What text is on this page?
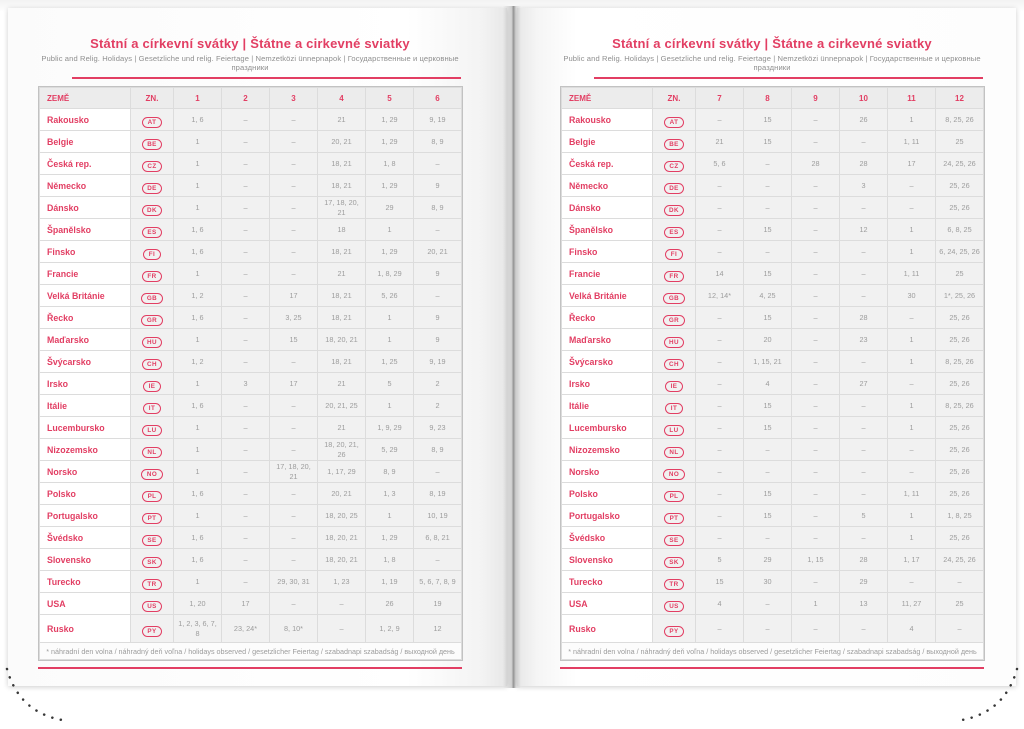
Státní a církevní svátky | Štátne a cirkevné sviatky

Public and Relig. Holidays | Gesetzliche und relig. Feiertage | Nemzetközi ünnepnapok | Государственные и церковные праздники

ZEMĚ	ZN.	1	2	3	4	5	6
Rakousko	AT	1, 6	–	–	21	1, 29	9, 19
Belgie	BE	1	–	–	20, 21	1, 29	8, 9
Česká rep.	CZ	1	–	–	18, 21	1, 8	–
Německo	DE	1	–	–	18, 21	1, 29	9
Dánsko	DK	1	–	–	17, 18, 20, 21	29	8, 9
Španělsko	ES	1, 6	–	–	18	1	–
Finsko	FI	1, 6	–	–	18, 21	1, 29	20, 21
Francie	FR	1	–	–	21	1, 8, 29	9
Velká Británie	GB	1, 2	–	17	18, 21	5, 26	–
Řecko	GR	1, 6	–	3, 25	18, 21	1	9
Maďarsko	HU	1	–	15	18, 20, 21	1	9
Švýcarsko	CH	1, 2	–	–	18, 21	1, 25	9, 19
Irsko	IE	1	3	17	21	5	2
Itálie	IT	1, 6	–	–	20, 21, 25	1	2
Lucembursko	LU	1	–	–	21	1, 9, 29	9, 23
Nizozemsko	NL	1	–	–	18, 20, 21, 26	5, 29	8, 9
Norsko	NO	1	–	17, 18, 20, 21	1, 17, 29	8, 9	–
Polsko	PL	1, 6	–	–	20, 21	1, 3	8, 19
Portugalsko	PT	1	–	–	18, 20, 25	1	10, 19
Švédsko	SE	1, 6	–	–	18, 20, 21	1, 29	6, 8, 21
Slovensko	SK	1, 6	–	–	18, 20, 21	1, 8	–
Turecko	TR	1	–	29, 30, 31	1, 23	1, 19	5, 6, 7, 8, 9
USA	US	1, 20	17	–	–	26	19
Rusko	PY	1, 2, 3, 6, 7, 8	23, 24*	8, 10*	–	1, 2, 9	12
* náhradní den volna / náhradný deň voľna / holidays observed / gesetzlicher Feiertag / szabadnapi szabadság / выходной день							
Státní a církevní svátky | Štátne a cirkevné sviatky

Public and Relig. Holidays | Gesetzliche und relig. Feiertage | Nemzetközi ünnepnapok | Государственные и церковные праздники

ZEMĚ	ZN.	7	8	9	10	11	12
Rakousko	AT	–	15	–	26	1	8, 25, 26
Belgie	BE	21	15	–	–	1, 11	25
Česká rep.	CZ	5, 6	–	28	28	17	24, 25, 26
Německo	DE	–	–	–	3	–	25, 26
Dánsko	DK	–	–	–	–	–	25, 26
Španělsko	ES	–	15	–	12	1	6, 8, 25
Finsko	FI	–	–	–	–	1	6, 24, 25, 26
Francie	FR	14	15	–	–	1, 11	25
Velká Británie	GB	12, 14*	4, 25	–	–	30	1*, 25, 26
Řecko	GR	–	15	–	28	–	25, 26
Maďarsko	HU	–	20	–	23	1	25, 26
Švýcarsko	CH	–	1, 15, 21	–	–	1	8, 25, 26
Irsko	IE	–	4	–	27	–	25, 26
Itálie	IT	–	15	–	–	1	8, 25, 26
Lucembursko	LU	–	15	–	–	1	25, 26
Nizozemsko	NL	–	–	–	–	–	25, 26
Norsko	NO	–	–	–	–	–	25, 26
Polsko	PL	–	15	–	–	1, 11	25, 26
Portugalsko	PT	–	15	–	5	1	1, 8, 25
Švédsko	SE	–	–	–	–	1	25, 26
Slovensko	SK	5	29	1, 15	28	1, 17	24, 25, 26
Turecko	TR	15	30	–	29	–	–
USA	US	4	–	1	13	11, 27	25
Rusko	PY	–	–	–	–	4	–
* náhradní den volna / náhradný deň voľna / holidays observed / gesetzlicher Feiertag / szabadnapi szabadság / выходной день							
